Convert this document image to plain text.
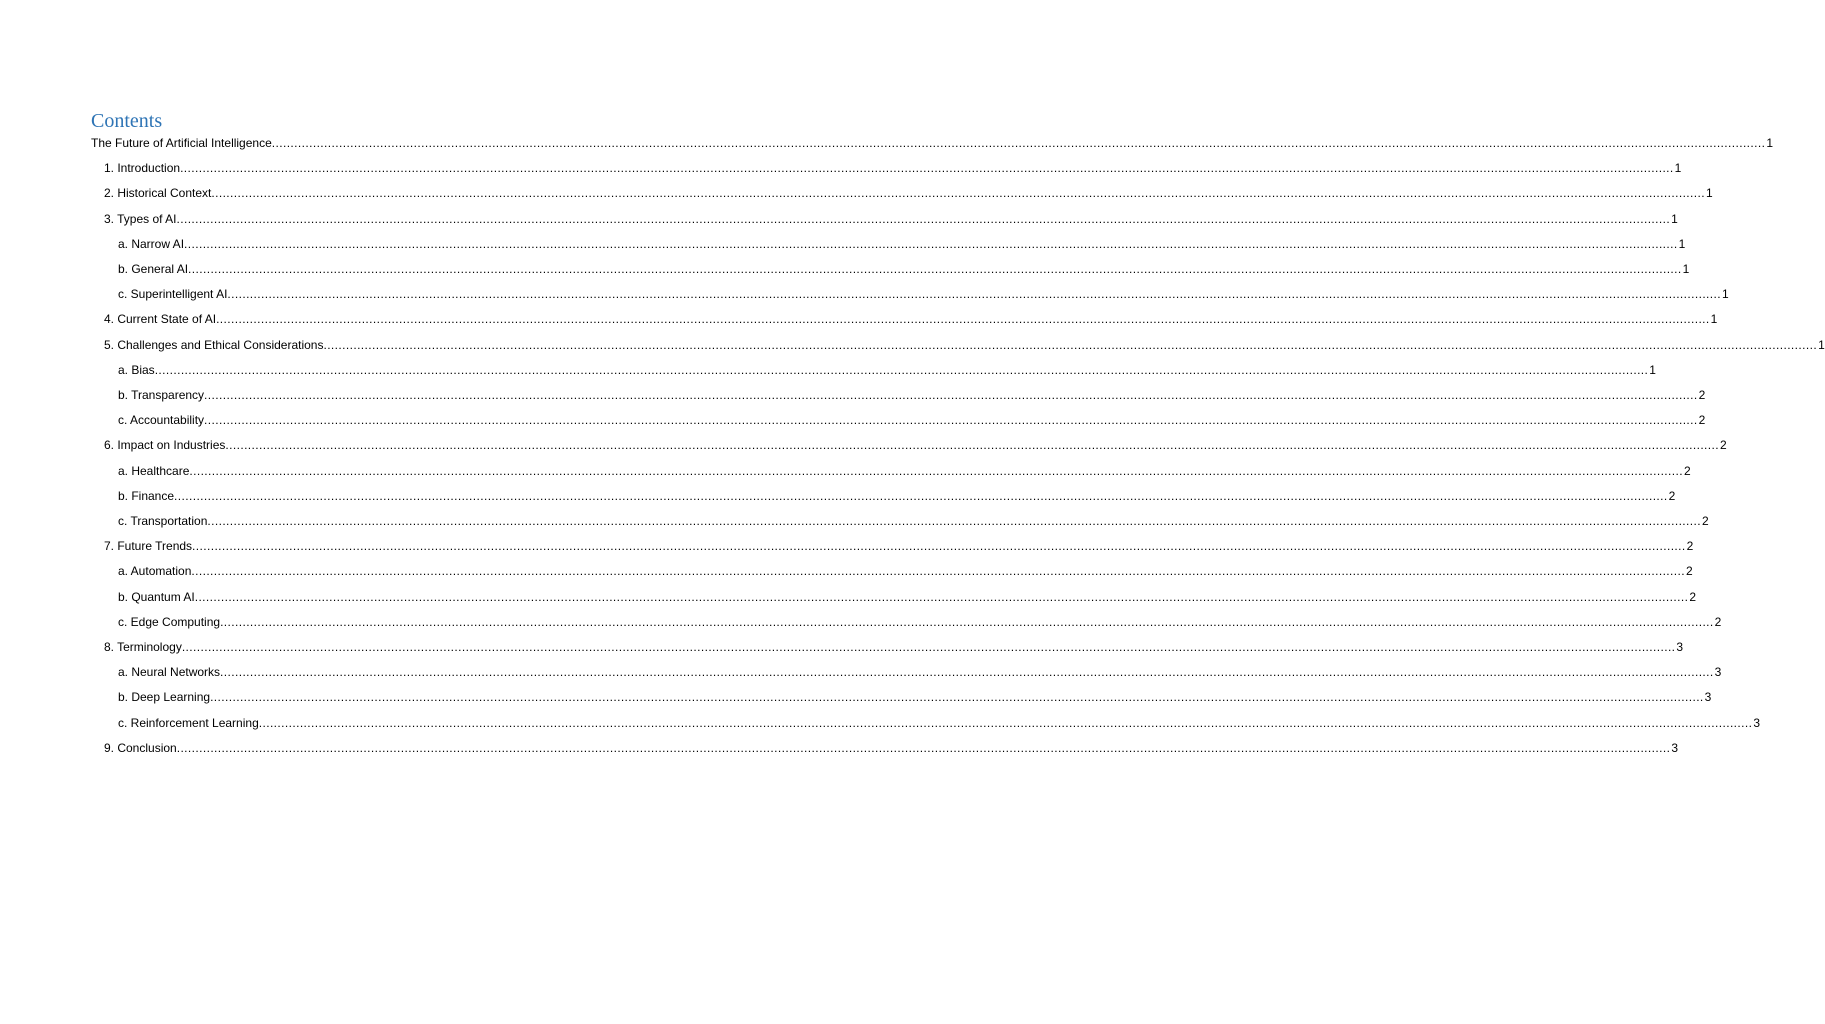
Contents
The Future of Artificial Intelligence ................................................................................................................................................................................................................................................................................................................................................................................................................ 1
1. Introduction ................................................................................................................................................................................................................................................................................................................................................................................................................ 1
2. Historical Context ................................................................................................................................................................................................................................................................................................................................................................................................................ 1
3. Types of AI ................................................................................................................................................................................................................................................................................................................................................................................................................ 1
a. Narrow AI ................................................................................................................................................................................................................................................................................................................................................................................................................ 1
b. General AI ................................................................................................................................................................................................................................................................................................................................................................................................................ 1
c. Superintelligent AI ................................................................................................................................................................................................................................................................................................................................................................................................................ 1
4. Current State of AI ................................................................................................................................................................................................................................................................................................................................................................................................................ 1
5. Challenges and Ethical Considerations ................................................................................................................................................................................................................................................................................................................................................................................................................ 1
a. Bias ................................................................................................................................................................................................................................................................................................................................................................................................................ 1
b. Transparency ................................................................................................................................................................................................................................................................................................................................................................................................................ 2
c. Accountability ................................................................................................................................................................................................................................................................................................................................................................................................................ 2
6. Impact on Industries ................................................................................................................................................................................................................................................................................................................................................................................................................ 2
a. Healthcare ................................................................................................................................................................................................................................................................................................................................................................................................................ 2
b. Finance ................................................................................................................................................................................................................................................................................................................................................................................................................ 2
c. Transportation ................................................................................................................................................................................................................................................................................................................................................................................................................ 2
7. Future Trends ................................................................................................................................................................................................................................................................................................................................................................................................................ 2
a. Automation ................................................................................................................................................................................................................................................................................................................................................................................................................ 2
b. Quantum AI ................................................................................................................................................................................................................................................................................................................................................................................................................ 2
c. Edge Computing ................................................................................................................................................................................................................................................................................................................................................................................................................ 2
8. Terminology ................................................................................................................................................................................................................................................................................................................................................................................................................ 3
a. Neural Networks ................................................................................................................................................................................................................................................................................................................................................................................................................ 3
b. Deep Learning ................................................................................................................................................................................................................................................................................................................................................................................................................ 3
c. Reinforcement Learning ................................................................................................................................................................................................................................................................................................................................................................................................................ 3
9. Conclusion ................................................................................................................................................................................................................................................................................................................................................................................................................ 3
